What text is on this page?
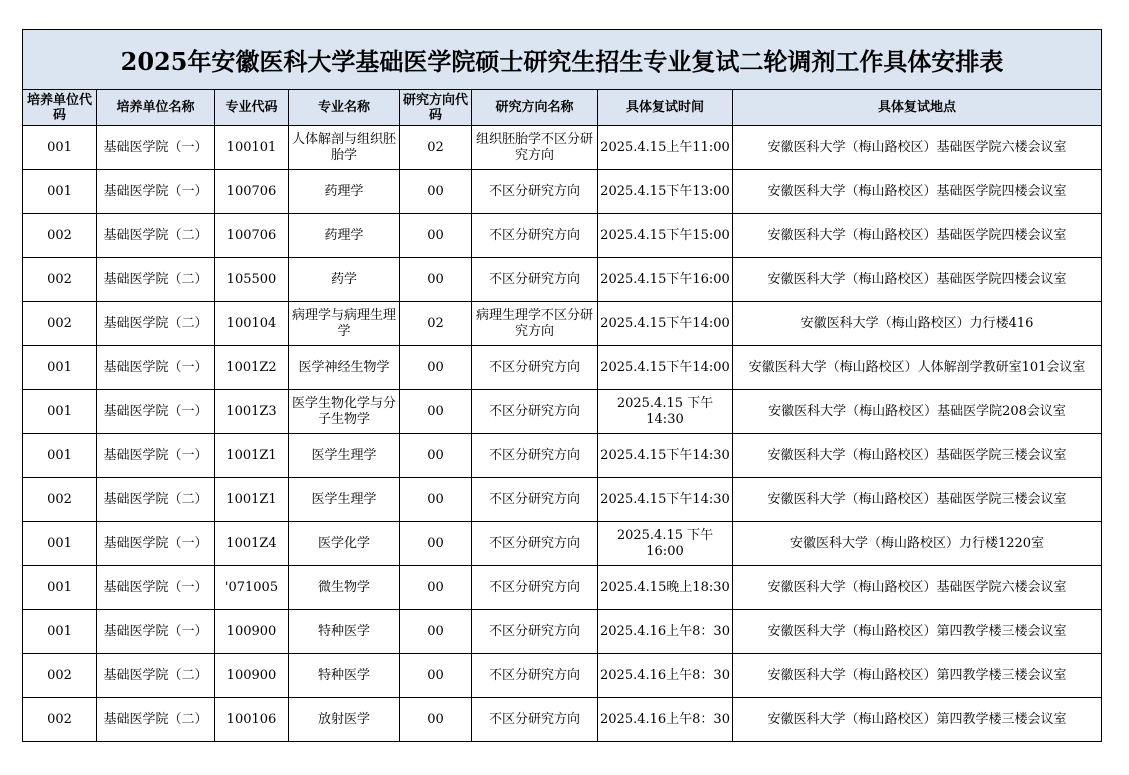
2025年安徽医科大学基础医学院硕士研究生招生专业复试二轮调剂工作具体安排表							
培养单位代码	培养单位名称	专业代码	专业名称	研究方向代码	研究方向名称	具体复试时间	具体复试地点
001	基础医学院（一）	100101	人体解剖与组织胚胎学	02	组织胚胎学不区分研究方向	2025.4.15上午11:00	安徽医科大学（梅山路校区）基础医学院六楼会议室
001	基础医学院（一）	100706	药理学	00	不区分研究方向	2025.4.15下午13:00	安徽医科大学（梅山路校区）基础医学院四楼会议室
002	基础医学院（二）	100706	药理学	00	不区分研究方向	2025.4.15下午15:00	安徽医科大学（梅山路校区）基础医学院四楼会议室
002	基础医学院（二）	105500	药学	00	不区分研究方向	2025.4.15下午16:00	安徽医科大学（梅山路校区）基础医学院四楼会议室
002	基础医学院（二）	100104	病理学与病理生理学	02	病理生理学不区分研究方向	2025.4.15下午14:00	安徽医科大学（梅山路校区）力行楼416
001	基础医学院（一）	1001Z2	医学神经生物学	00	不区分研究方向	2025.4.15下午14:00	安徽医科大学（梅山路校区）人体解剖学教研室101会议室
001	基础医学院（一）	1001Z3	医学生物化学与分子生物学	00	不区分研究方向	2025.4.15 下午14:30	安徽医科大学（梅山路校区）基础医学院208会议室
001	基础医学院（一）	1001Z1	医学生理学	00	不区分研究方向	2025.4.15下午14:30	安徽医科大学（梅山路校区）基础医学院三楼会议室
002	基础医学院（二）	1001Z1	医学生理学	00	不区分研究方向	2025.4.15下午14:30	安徽医科大学（梅山路校区）基础医学院三楼会议室
001	基础医学院（一）	1001Z4	医学化学	00	不区分研究方向	2025.4.15 下午16:00	安徽医科大学（梅山路校区）力行楼1220室
001	基础医学院（一）	'071005	微生物学	00	不区分研究方向	2025.4.15晚上18:30	安徽医科大学（梅山路校区）基础医学院六楼会议室
001	基础医学院（一）	100900	特种医学	00	不区分研究方向	2025.4.16上午8：30	安徽医科大学（梅山路校区）第四教学楼三楼会议室
002	基础医学院（二）	100900	特种医学	00	不区分研究方向	2025.4.16上午8：30	安徽医科大学（梅山路校区）第四教学楼三楼会议室
002	基础医学院（二）	100106	放射医学	00	不区分研究方向	2025.4.16上午8：30	安徽医科大学（梅山路校区）第四教学楼三楼会议室
